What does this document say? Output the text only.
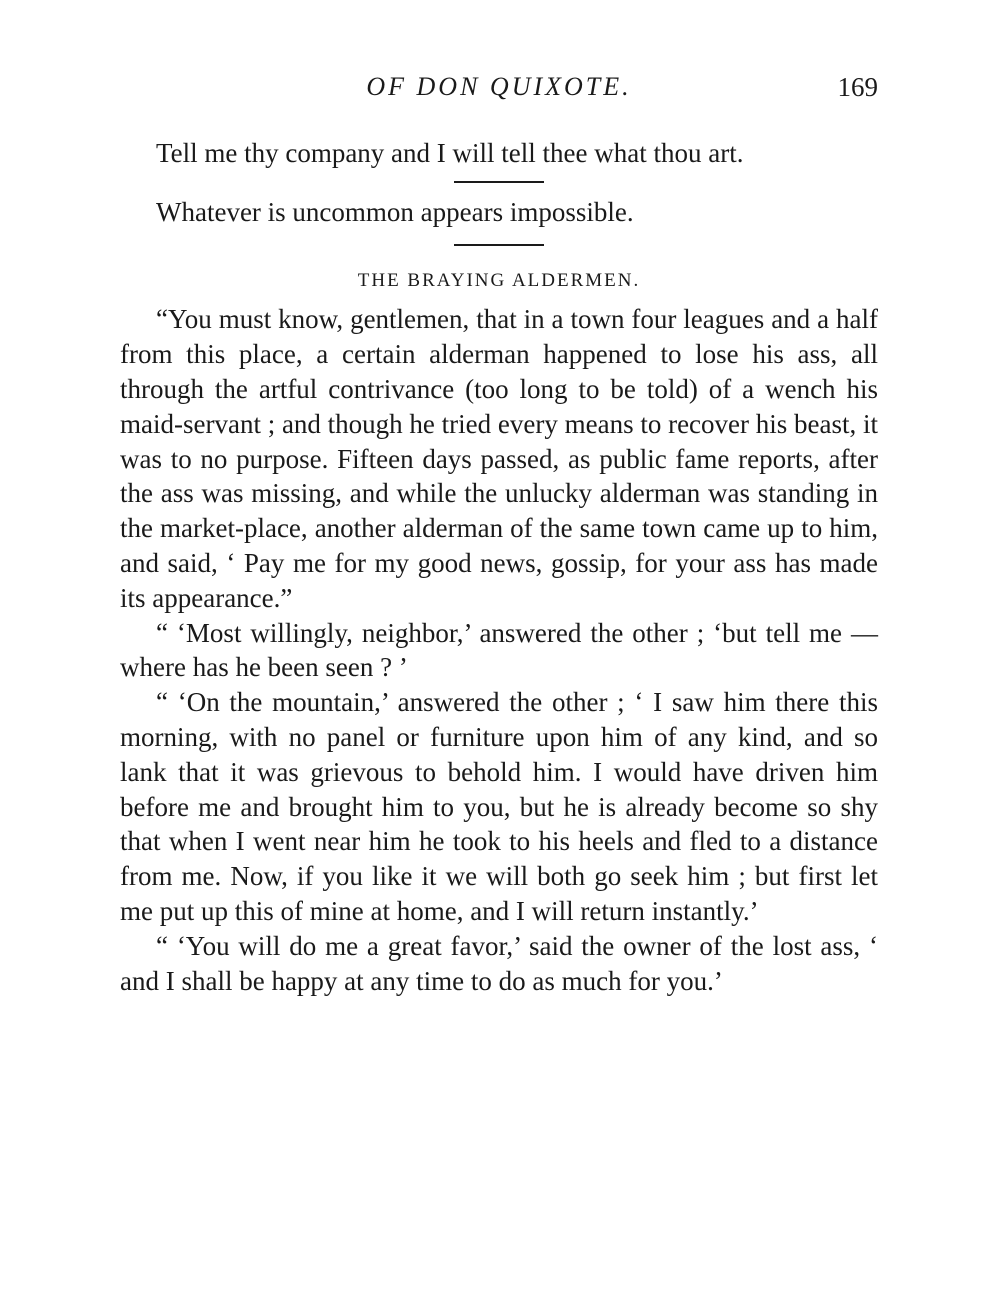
OF DON QUIXOTE.	169

Tell me thy company and I will tell thee what thou art.

Whatever is uncommon appears impossible.

THE BRAYING ALDERMEN.

“You must know, gentlemen, that in a town four leagues and a half from this place, a certain alderman happened to lose his ass, all through the artful contrivance (too long to be told) of a wench his maid-servant ; and though he tried every means to recover his beast, it was to no purpose. Fifteen days passed, as public fame reports, after the ass was missing, and while the unlucky alderman was standing in the market-place, another alderman of the same town came up to him, and said, ‘ Pay me for my good news, gossip, for your ass has made its appearance.”

“ ‘Most willingly, neighbor,’ answered the other ; ‘but tell me — where has he been seen ? ’

“ ‘On the mountain,’ answered the other ; ‘ I saw him there this morning, with no panel or furniture upon him of any kind, and so lank that it was grievous to behold him. I would have driven him before me and brought him to you, but he is already become so shy that when I went near him he took to his heels and fled to a distance from me. Now, if you like it we will both go seek him ; but first let me put up this of mine at home, and I will return instantly.’

“ ‘You will do me a great favor,’ said the owner of the lost ass, ‘ and I shall be happy at any time to do as much for you.’
